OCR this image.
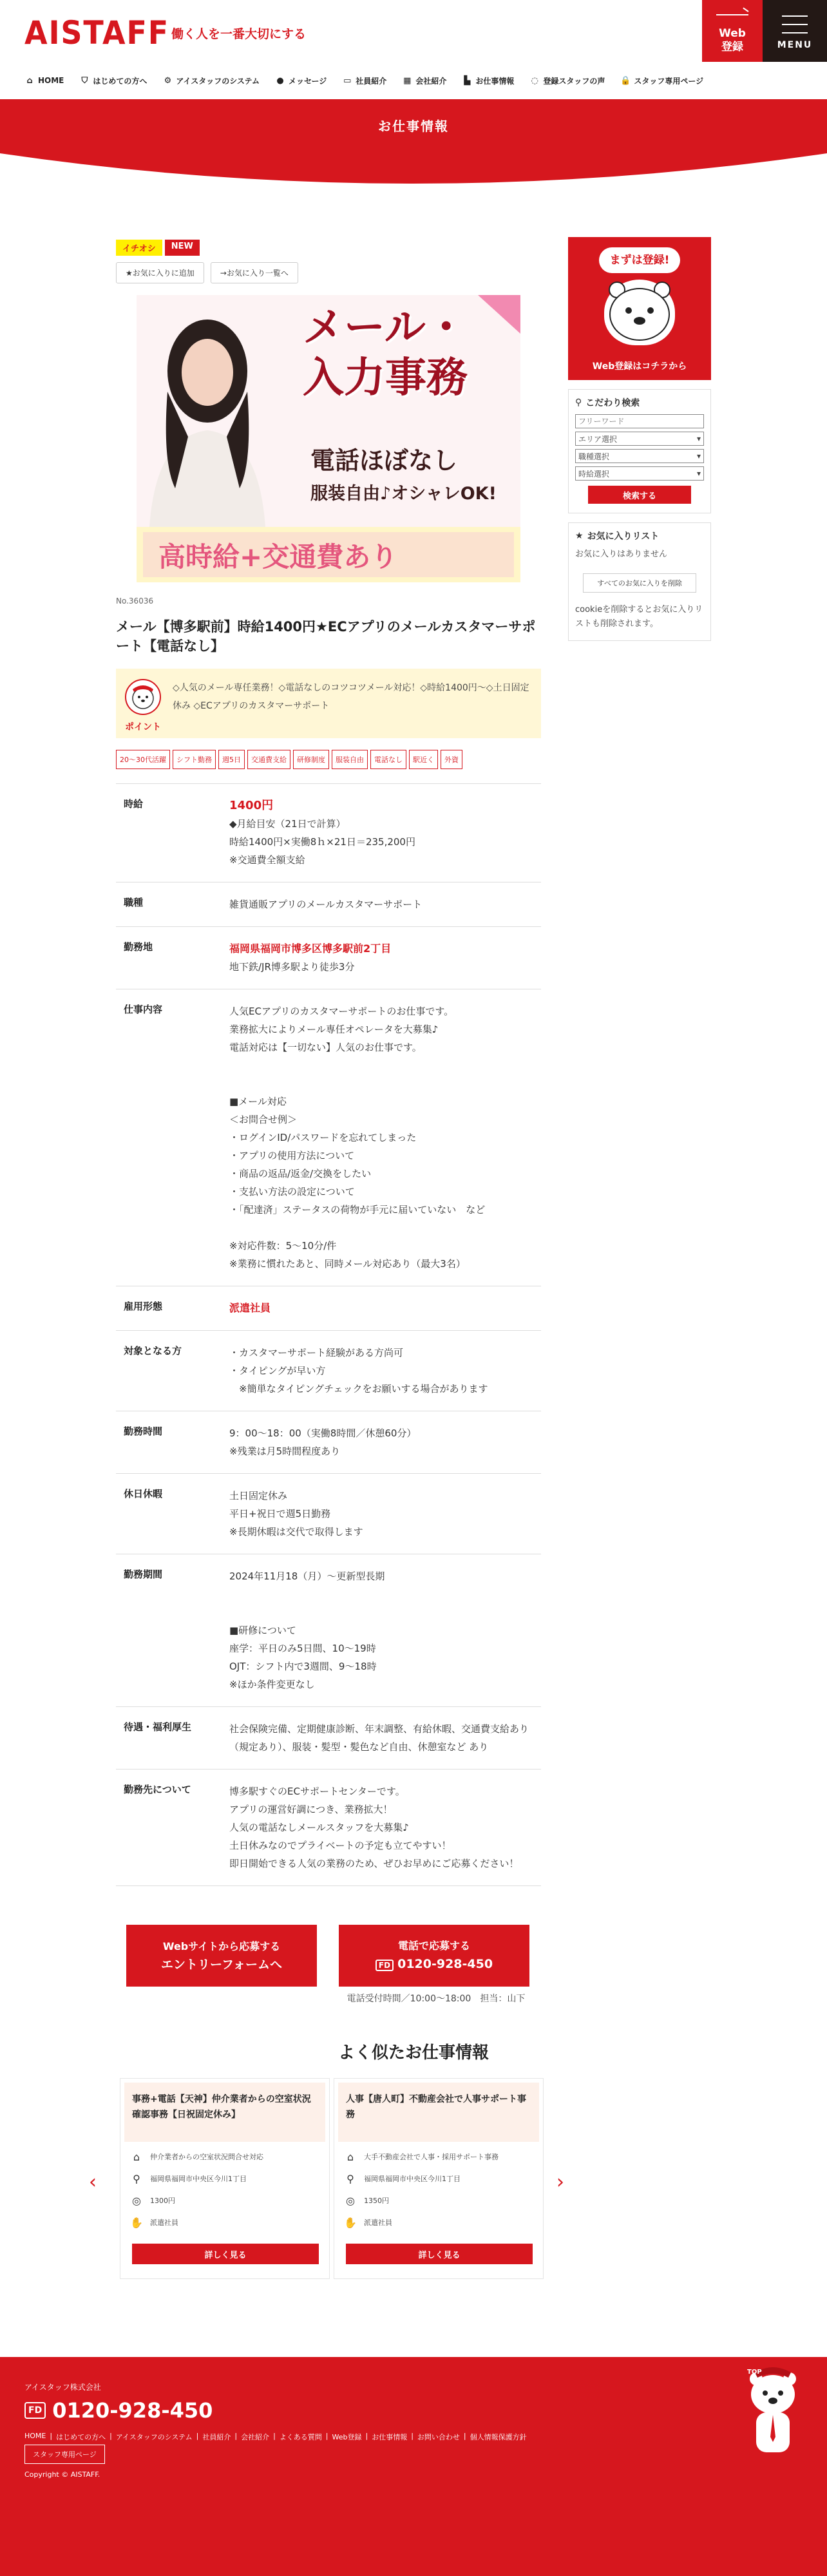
AISTAFF 働く人を一番大切にする	Web
登録	MENU
⌂ HOME ⛉ はじめての方へ ⚙ アイスタッフのシステム ● メッセージ ▭ 社員紹介 ▦ 会社紹介 ▙ お仕事情報 ◌ 登録スタッフの声 🔒 スタッフ専用ページ
お仕事情報
イチオシ	NEW
★お気に入りに追加	→お気に入り一覧へ
メール・
入力事務
電話ほぼなし
服装自由♪オシャレOK!
高時給+交通費あり
No.36036
メール【博多駅前】時給1400円★ECアプリのメールカスタマーサポート【電話なし】
ポイント
◇人気のメール専任業務！◇電話なしのコツコツメール対応！◇時給1400円〜◇土日固定休み ◇ECアプリのカスタマーサポート
20〜30代活躍	シフト勤務	週5日	交通費支給	研修制度	服装自由	電話なし	駅近く	外資
時給	1400円
◆月給目安（21日で計算）
時給1400円×実働8ｈ×21日＝235,200円
※交通費全額支給
職種	雑貨通販アプリのメールカスタマーサポート
勤務地	福岡県福岡市博多区博多駅前2丁目
地下鉄/JR博多駅より徒歩3分
仕事内容	人気ECアプリのカスタマーサポートのお仕事です。
業務拡大によりメール専任オペレータを大募集♪
電話対応は【一切ない】人気のお仕事です。

■メール対応
＜お問合せ例＞
・ログインID/パスワードを忘れてしまった
・アプリの使用方法について
・商品の返品/返金/交換をしたい
・支払い方法の設定について
・「配達済」ステータスの荷物が手元に届いていない　など

※対応件数：5〜10分/件
※業務に慣れたあと、同時メール対応あり（最大3名）
雇用形態	派遣社員
対象となる方	・カスタマーサポート経験がある方尚可
・タイピングが早い方
　※簡単なタイピングチェックをお願いする場合があります
勤務時間	9：00〜18：00（実働8時間／休憩60分）
※残業は月5時間程度あり
休日休暇	土日固定休み
平日+祝日で週5日勤務
※長期休暇は交代で取得します
勤務期間	2024年11月18（月）〜更新型長期

■研修について
座学：平日のみ5日間、10〜19時
OJT：シフト内で3週間、9〜18時
※ほか条件変更なし
待遇・福利厚生	社会保険完備、定期健康診断、年末調整、有給休暇、交通費支給あり（規定あり）、服装・髪型・髪色など自由、休憩室など あり
勤務先について	博多駅すぐのECサポートセンターです。
アプリの運営好調につき、業務拡大！
人気の電話なしメールスタッフを大募集♪
土日休みなのでプライベートの予定も立てやすい！
即日開始できる人気の業務のため、ぜひお早めにご応募ください！
Webサイトから応募する
エントリーフォームへ
電話で応募する
FD 0120-928-450
電話受付時間／10:00〜18:00　担当：山下
まずは登録!
Web登録はコチラから
⚲ こだわり検索
フリーワード
エリア選択	▾
職種選択	▾
時給選択	▾
検索する
★ お気に入りリスト

お気に入りはありません

すべてのお気に入りを削除

cookieを削除するとお気に入りリストも削除されます。

よく似たお仕事情報
‹	›
事務+電話【天神】仲介業者からの空室状況確認事務【日祝固定休み】
⌂	仲介業者からの空室状況問合せ対応
⚲	福岡県福岡市中央区今川1丁目
◎	1300円
✋ 派遣社員
詳しく見る
人事【唐人町】不動産会社で人事サポート事務
⌂	大手不動産会社で人事・採用サポート事務
⚲	福岡県福岡市中央区今川1丁目
◎	1350円
✋ 派遣社員
詳しく見る
アイスタッフ株式会社
FD 0120-928-450
HOME | はじめての方へ | アイスタッフのシステム | 社員紹介 | 会社紹介 | よくある質問 | Web登録 | お仕事情報 | お問い合わせ | 個人情報保護方針
スタッフ専用ページ
Copyright © AISTAFF.
TOP
